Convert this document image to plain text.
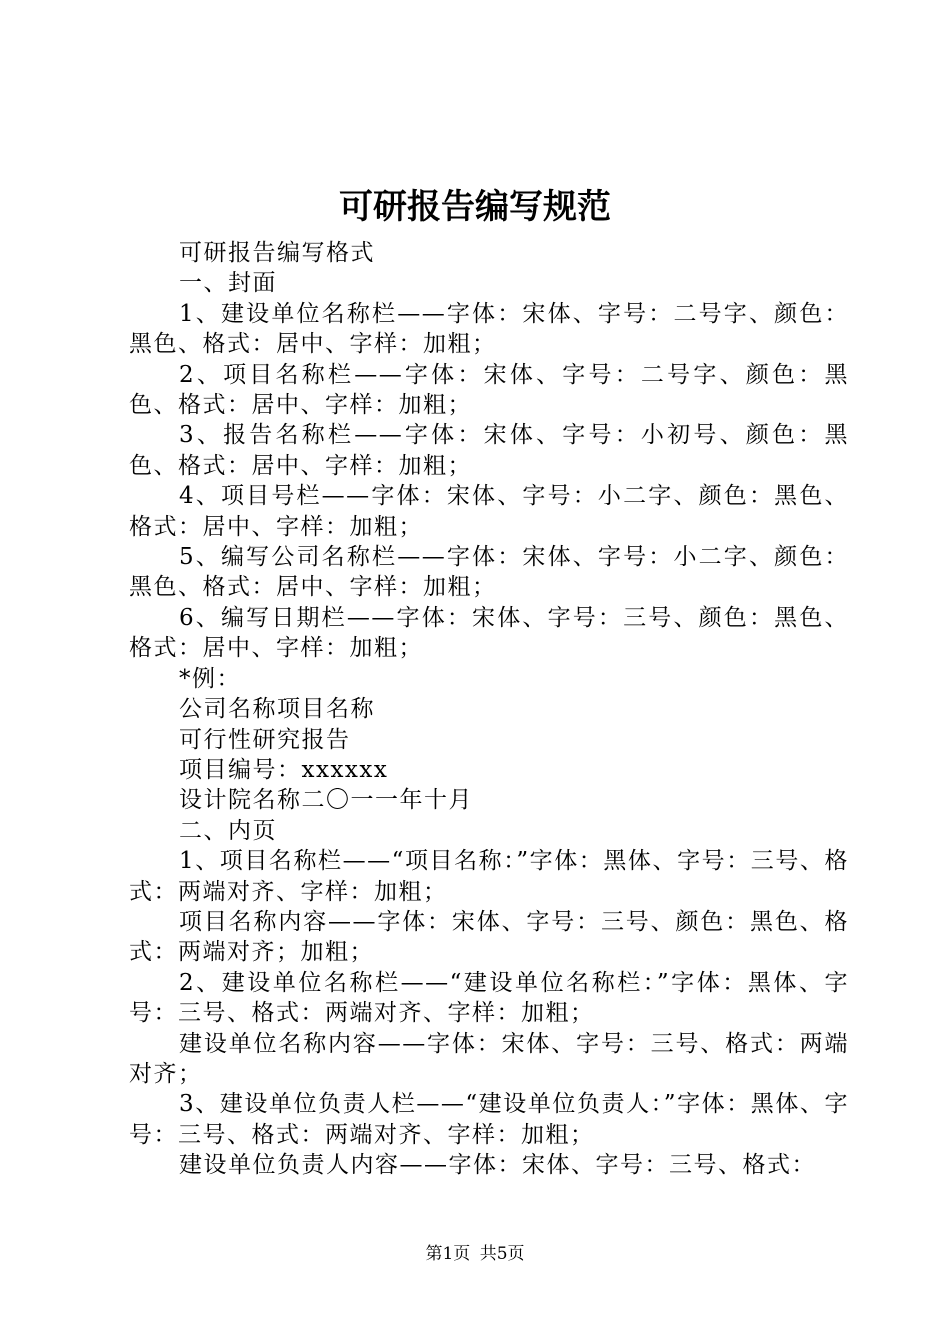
可研报告编写规范

可研报告编写格式

一、封面

1、建设单位名称栏——字体：宋体、字号：二号字、颜色：黑色、格式：居中、字样：加粗；

2、项目名称栏——字体：宋体、字号：二号字、颜色：黑色、格式：居中、字样：加粗；

3、报告名称栏——字体：宋体、字号：小初号、颜色：黑色、格式：居中、字样：加粗；

4、项目号栏——字体：宋体、字号：小二字、颜色：黑色、格式：居中、字样：加粗；

5、编写公司名称栏——字体：宋体、字号：小二字、颜色：黑色、格式：居中、字样：加粗；

6、编写日期栏——字体：宋体、字号：三号、颜色：黑色、格式：居中、字样：加粗；

*例：

公司名称项目名称

可行性研究报告

项目编号：xxxxxx

设计院名称二〇一一年十月

二、内页

1、项目名称栏——“项目名称：”字体：黑体、字号：三号、格式：两端对齐、字样：加粗；

项目名称内容——字体：宋体、字号：三号、颜色：黑色、格式：两端对齐；加粗；

2、建设单位名称栏——“建设单位名称栏：”字体：黑体、字号：三号、格式：两端对齐、字样：加粗；

建设单位名称内容——字体：宋体、字号：三号、格式：两端对齐；

3、建设单位负责人栏——“建设单位负责人：”字体：黑体、字号：三号、格式：两端对齐、字样：加粗；

建设单位负责人内容——字体：宋体、字号：三号、格式：

第1页 共5页
